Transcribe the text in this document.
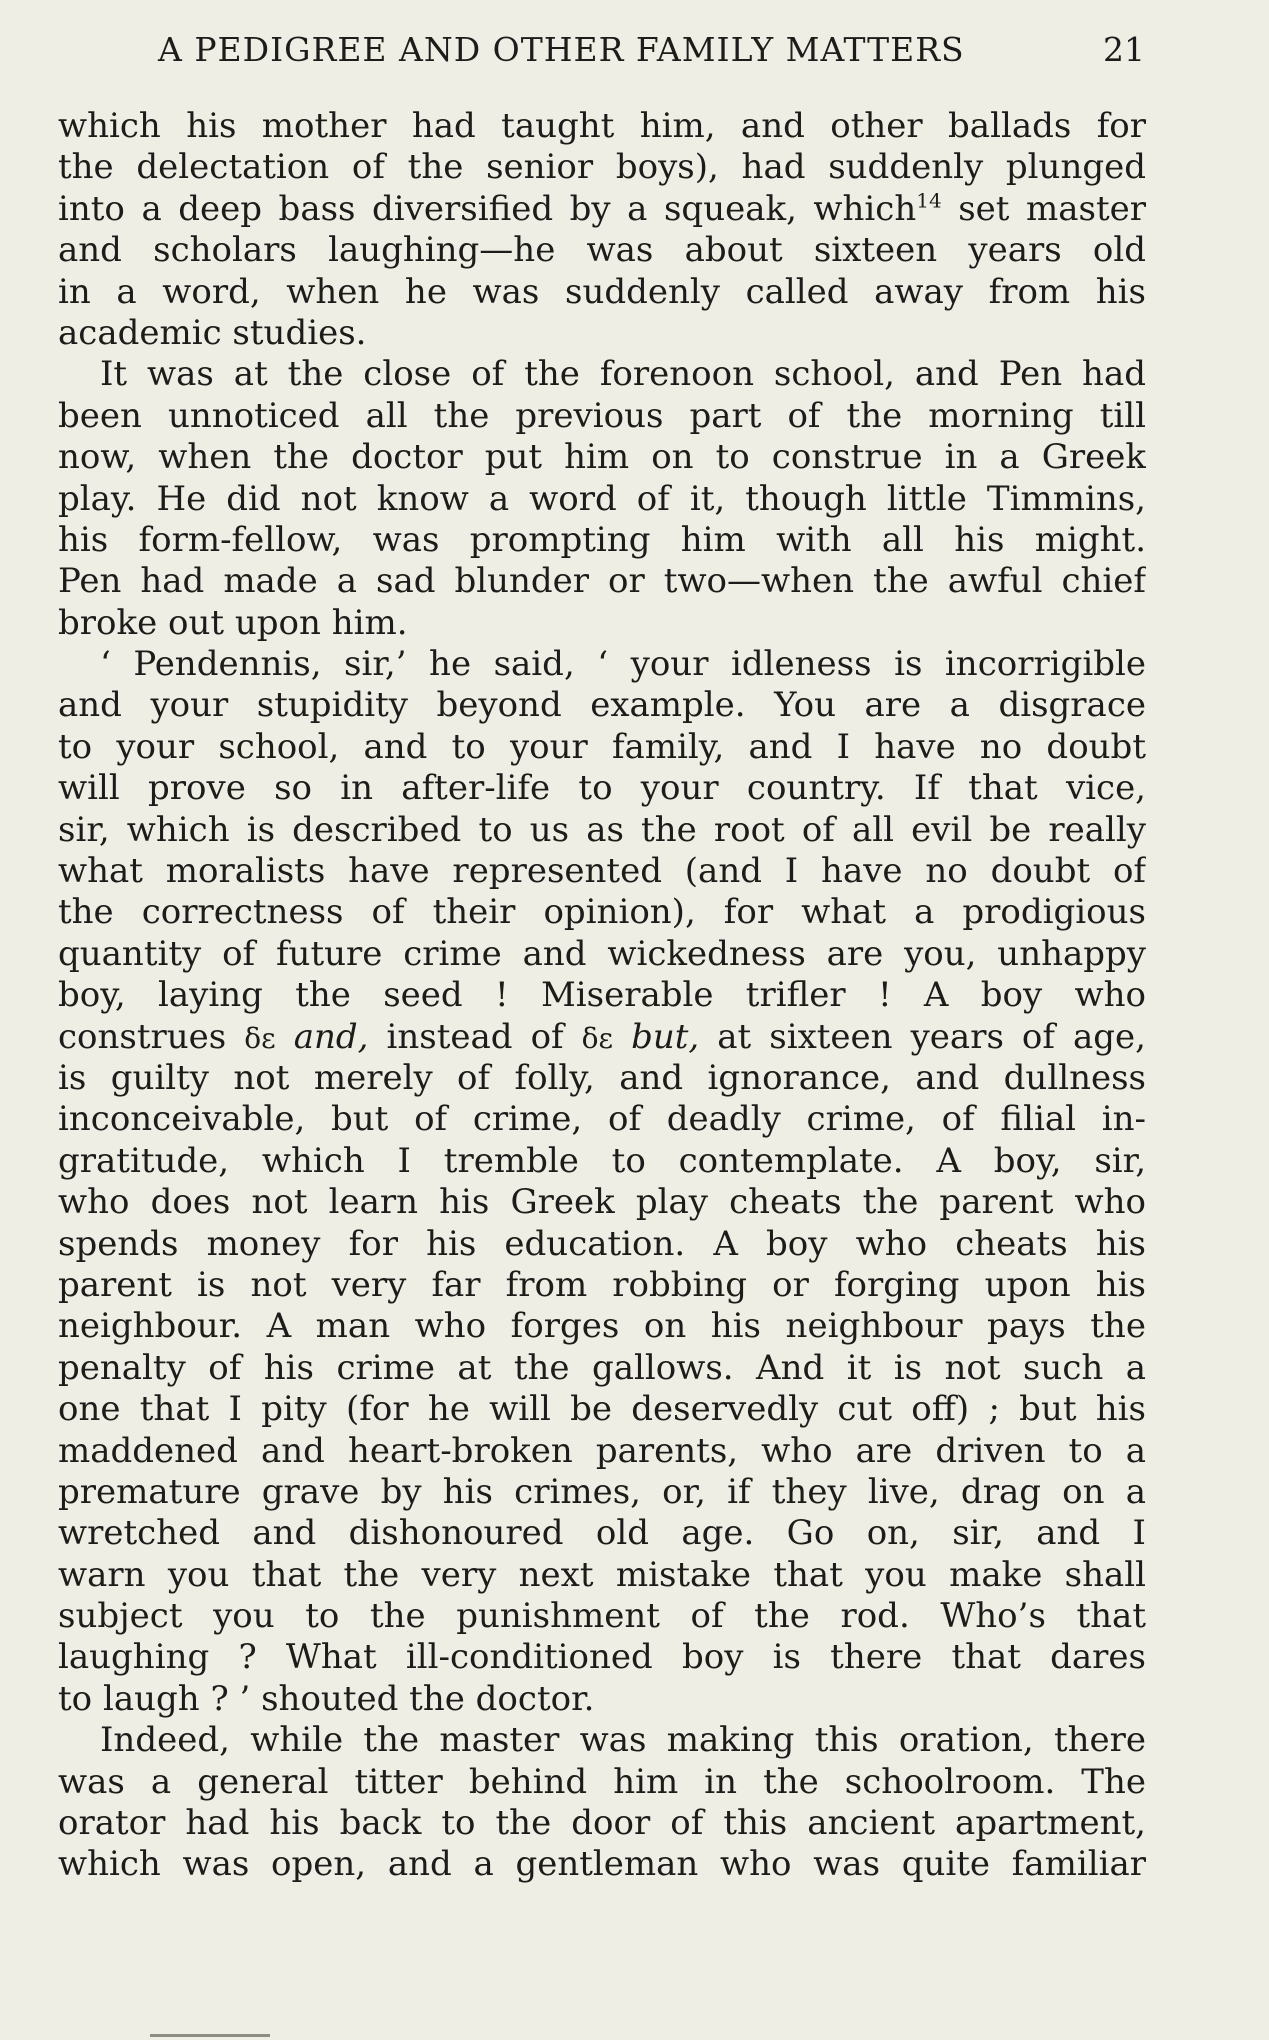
A PEDIGREE AND OTHER FAMILY MATTERS	21
which his mother had taught him, and other ballads for
the delectation of the senior boys), had suddenly plunged
into a deep bass diversified by a squeak, which$^{14}$ set master
and scholars laughing—he was about sixteen years old
in a word, when he was suddenly called away from his
academic studies.
It was at the close of the forenoon school, and Pen had
been unnoticed all the previous part of the morning till
now, when the doctor put him on to construe in a Greek
play. He did not know a word of it, though little Timmins,
his form-fellow, was prompting him with all his might.
Pen had made a sad blunder or two—when the awful chief
broke out upon him.
‘ Pendennis, sir,’ he said, ‘ your idleness is incorrigible
and your stupidity beyond example. You are a disgrace
to your school, and to your family, and I have no doubt
will prove so in after-life to your country. If that vice,
sir, which is described to us as the root of all evil be really
what moralists have represented (and I have no doubt of
the correctness of their opinion), for what a prodigious
quantity of future crime and wickedness are you, unhappy
boy, laying the seed ! Miserable trifler ! A boy who
construes δε and, instead of δε but, at sixteen years of age,
is guilty not merely of folly, and ignorance, and dullness
inconceivable, but of crime, of deadly crime, of filial in-
gratitude, which I tremble to contemplate. A boy, sir,
who does not learn his Greek play cheats the parent who
spends money for his education. A boy who cheats his
parent is not very far from robbing or forging upon his
neighbour. A man who forges on his neighbour pays the
penalty of his crime at the gallows. And it is not such a
one that I pity (for he will be deservedly cut off) ; but his
maddened and heart-broken parents, who are driven to a
premature grave by his crimes, or, if they live, drag on a
wretched and dishonoured old age. Go on, sir, and I
warn you that the very next mistake that you make shall
subject you to the punishment of the rod. Who’s that
laughing ? What ill-conditioned boy is there that dares
to laugh ? ’ shouted the doctor.
Indeed, while the master was making this oration, there
was a general titter behind him in the schoolroom. The
orator had his back to the door of this ancient apartment,
which was open, and a gentleman who was quite familiar
